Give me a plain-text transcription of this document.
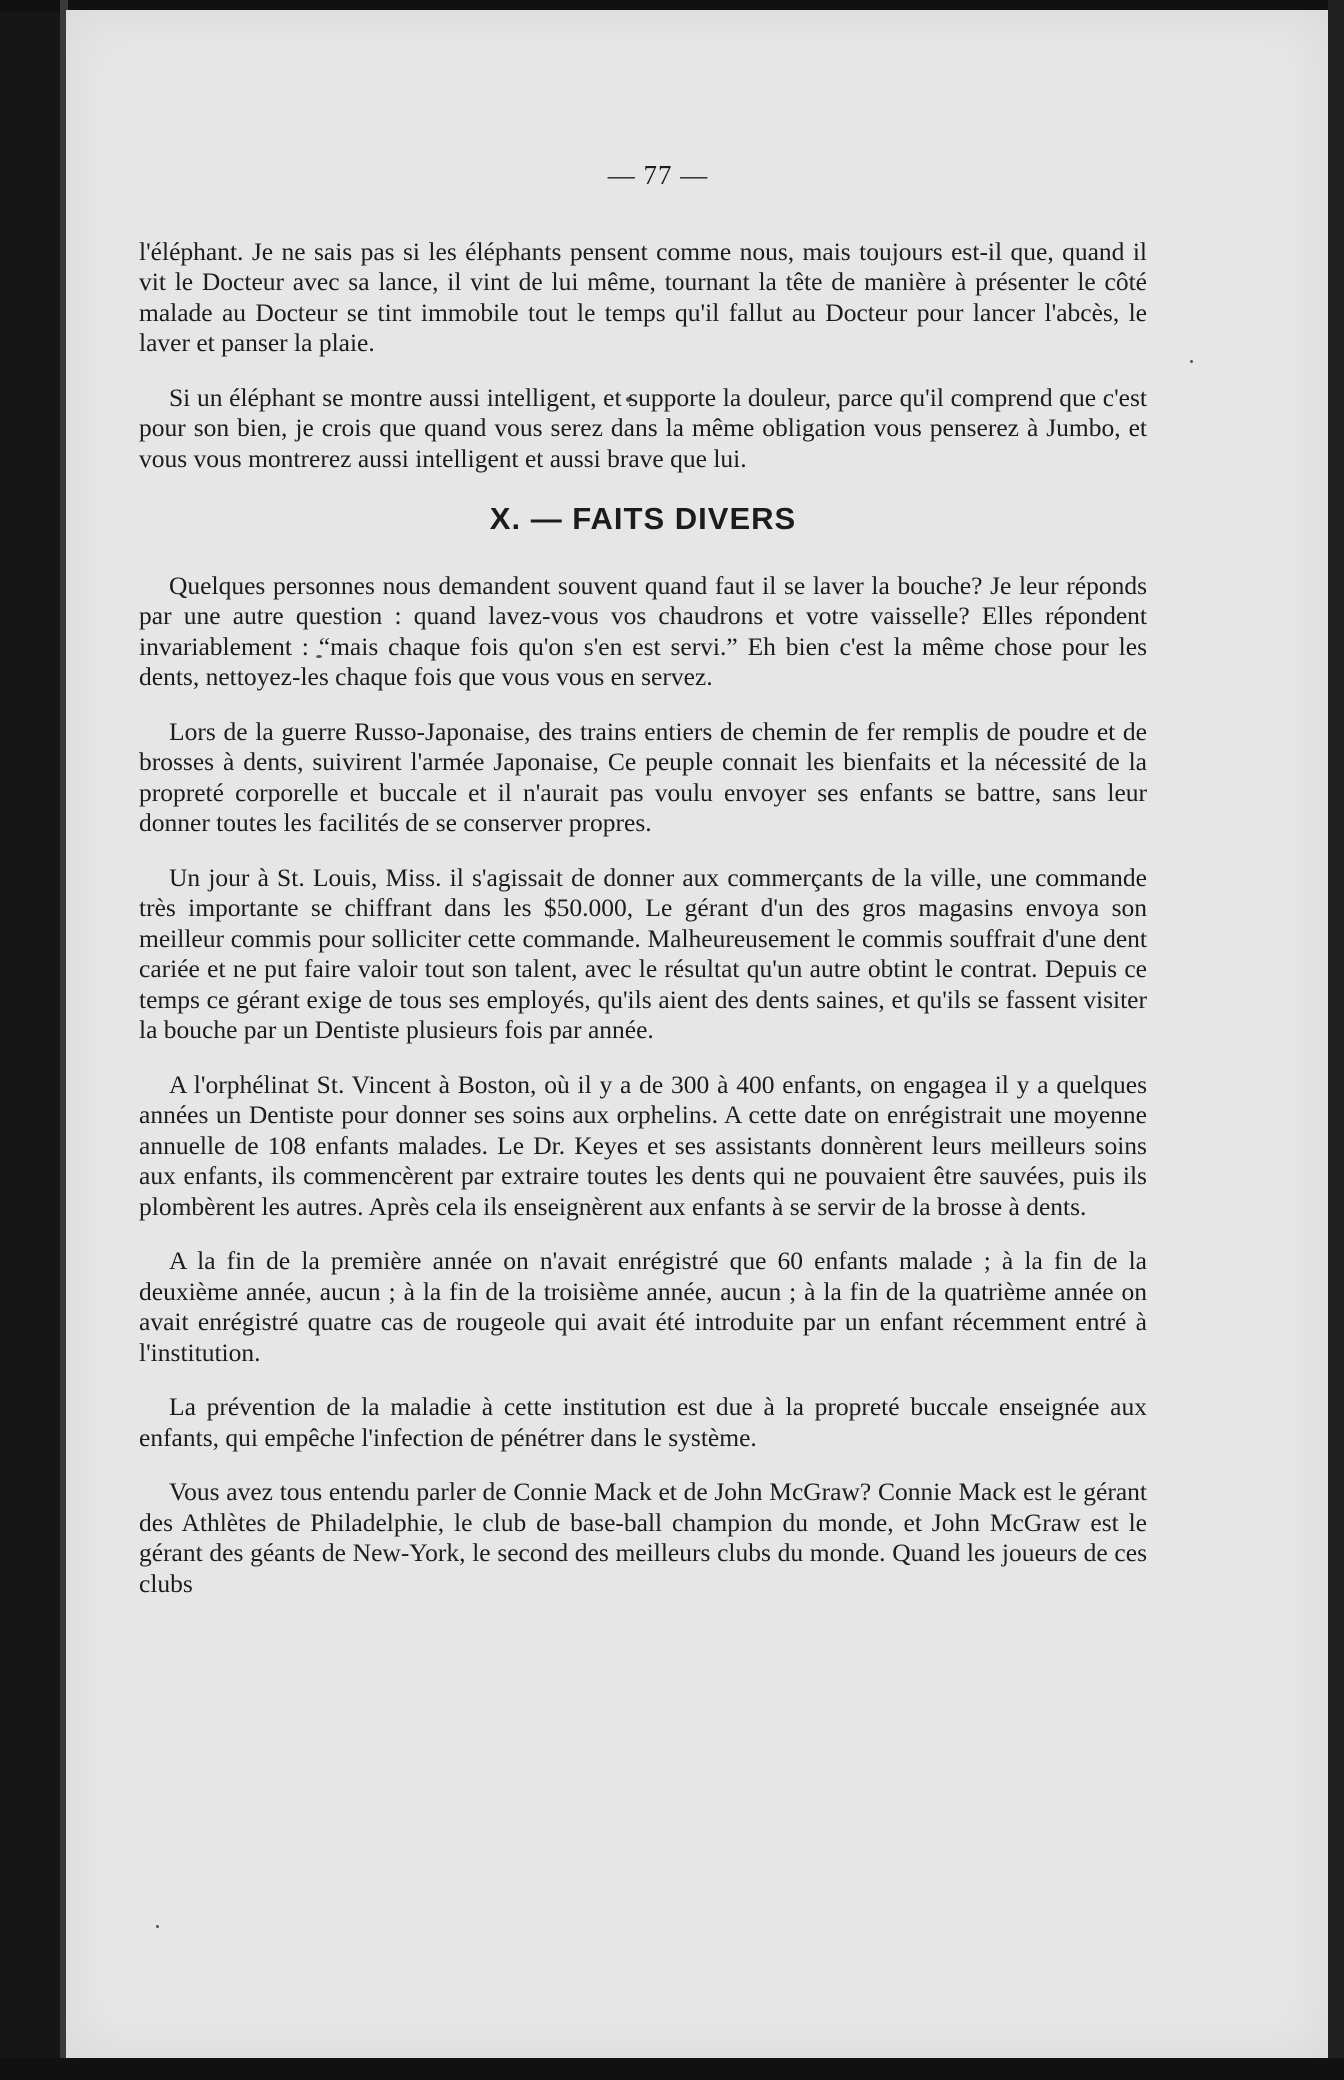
— 77 —

l'éléphant. Je ne sais pas si les éléphants pensent comme nous, mais toujours est-il que, quand il vit le Docteur avec sa lance, il vint de lui même, tournant la tête de manière à présenter le côté malade au Docteur se tint immobile tout le temps qu'il fallut au Docteur pour lancer l'abcès, le laver et panser la plaie.

Si un éléphant se montre aussi intelligent, et supporte la douleur, parce qu'il comprend que c'est pour son bien, je crois que quand vous serez dans la même obligation vous penserez à Jumbo, et vous vous montrerez aussi intelligent et aussi brave que lui.

X. — FAITS DIVERS

Quelques personnes nous demandent souvent quand faut il se laver la bouche? Je leur réponds par une autre question : quand lavez-vous vos chaudrons et votre vaisselle? Elles répondent invariablement : “mais chaque fois qu'on s'en est servi.” Eh bien c'est la même chose pour les dents, nettoyez-les chaque fois que vous vous en servez.

Lors de la guerre Russo-Japonaise, des trains entiers de chemin de fer remplis de poudre et de brosses à dents, suivirent l'armée Japonaise, Ce peuple connait les bienfaits et la nécessité de la propreté corporelle et buccale et il n'aurait pas voulu envoyer ses enfants se battre, sans leur donner toutes les facilités de se conserver propres.

Un jour à St. Louis, Miss. il s'agissait de donner aux commerçants de la ville, une commande très importante se chiffrant dans les $50.000, Le gérant d'un des gros magasins envoya son meilleur commis pour solliciter cette commande. Malheureusement le commis souffrait d'une dent cariée et ne put faire valoir tout son talent, avec le résultat qu'un autre obtint le contrat. Depuis ce temps ce gérant exige de tous ses employés, qu'ils aient des dents saines, et qu'ils se fassent visiter la bouche par un Dentiste plusieurs fois par année.

A l'orphélinat St. Vincent à Boston, où il y a de 300 à 400 enfants, on engagea il y a quelques années un Dentiste pour donner ses soins aux orphelins. A cette date on enrégistrait une moyenne annuelle de 108 enfants malades. Le Dr. Keyes et ses assistants donnèrent leurs meilleurs soins aux enfants, ils commencèrent par extraire toutes les dents qui ne pouvaient être sauvées, puis ils plombèrent les autres. Après cela ils enseignèrent aux enfants à se servir de la brosse à dents.

A la fin de la première année on n'avait enrégistré que 60 enfants malade ; à la fin de la deuxième année, aucun ; à la fin de la troisième année, aucun ; à la fin de la quatrième année on avait enrégistré quatre cas de rougeole qui avait été introduite par un enfant récemment entré à l'institution.

La prévention de la maladie à cette institution est due à la propreté buccale enseignée aux enfants, qui empêche l'infection de pénétrer dans le système.

Vous avez tous entendu parler de Connie Mack et de John McGraw? Connie Mack est le gérant des Athlètes de Philadelphie, le club de base-ball champion du monde, et John McGraw est le gérant des géants de New-York, le second des meilleurs clubs du monde. Quand les joueurs de ces clubs
